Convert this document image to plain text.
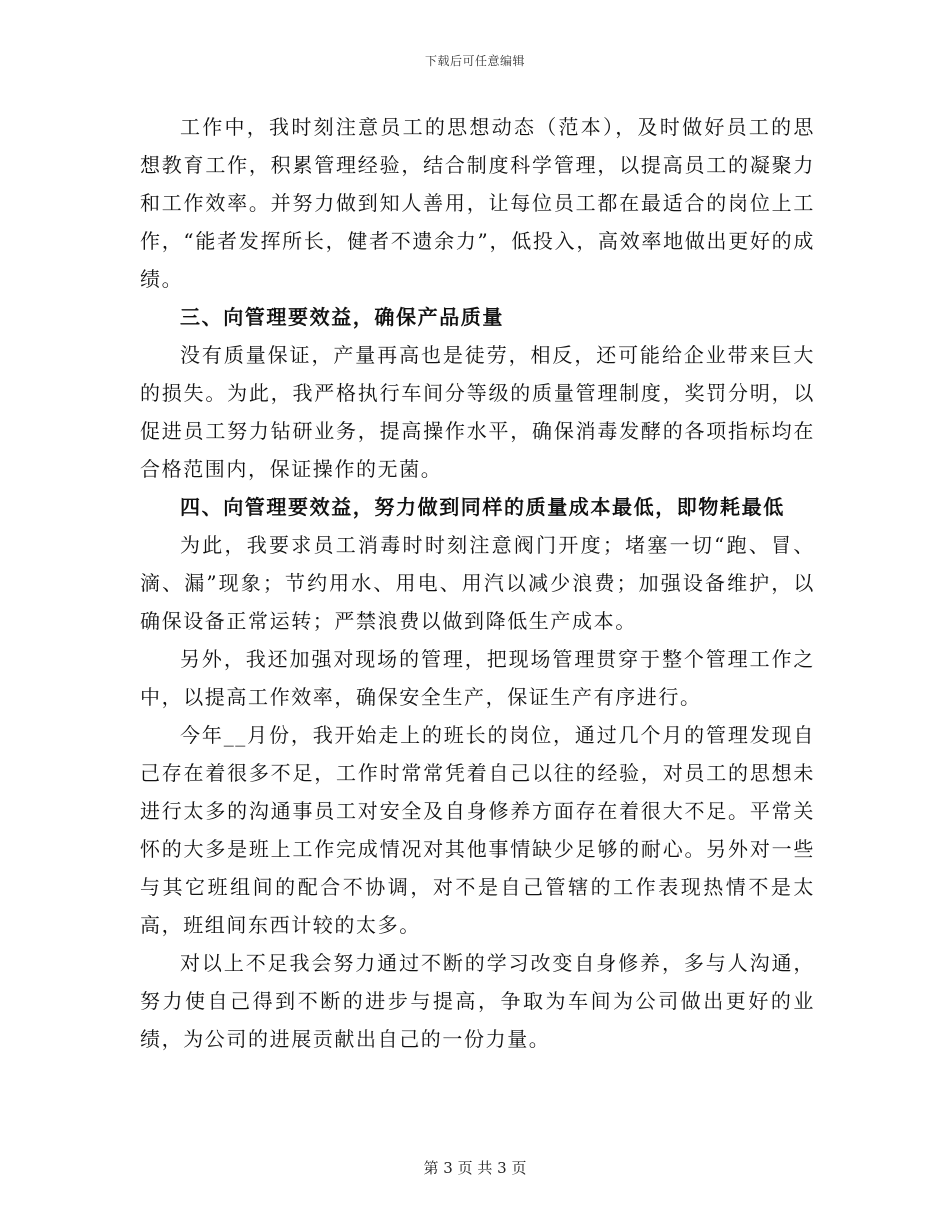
下载后可任意编辑

工作中，我时刻注意员工的思想动态（范本），及时做好员工的思想教育工作，积累管理经验，结合制度科学管理，以提高员工的凝聚力和工作效率。并努力做到知人善用，让每位员工都在最适合的岗位上工作，“能者发挥所长，健者不遗余力”，低投入，高效率地做出更好的成绩。

三、向管理要效益，确保产品质量

没有质量保证，产量再高也是徒劳，相反，还可能给企业带来巨大的损失。为此，我严格执行车间分等级的质量管理制度，奖罚分明，以促进员工努力钻研业务，提高操作水平，确保消毒发酵的各项指标均在合格范围内，保证操作的无菌。

四、向管理要效益，努力做到同样的质量成本最低，即物耗最低

为此，我要求员工消毒时时刻注意阀门开度；堵塞一切“跑、冒、滴、漏”现象；节约用水、用电、用汽以减少浪费；加强设备维护，以确保设备正常运转；严禁浪费以做到降低生产成本。

另外，我还加强对现场的管理，把现场管理贯穿于整个管理工作之中，以提高工作效率，确保安全生产，保证生产有序进行。

今年__月份，我开始走上的班长的岗位，通过几个月的管理发现自己存在着很多不足，工作时常常凭着自己以往的经验，对员工的思想未进行太多的沟通事员工对安全及自身修养方面存在着很大不足。平常关怀的大多是班上工作完成情况对其他事情缺少足够的耐心。另外对一些与其它班组间的配合不协调，对不是自己管辖的工作表现热情不是太高，班组间东西计较的太多。

对以上不足我会努力通过不断的学习改变自身修养，多与人沟通，努力使自己得到不断的进步与提高，争取为车间为公司做出更好的业绩，为公司的进展贡献出自己的一份力量。

第 3 页 共 3 页
